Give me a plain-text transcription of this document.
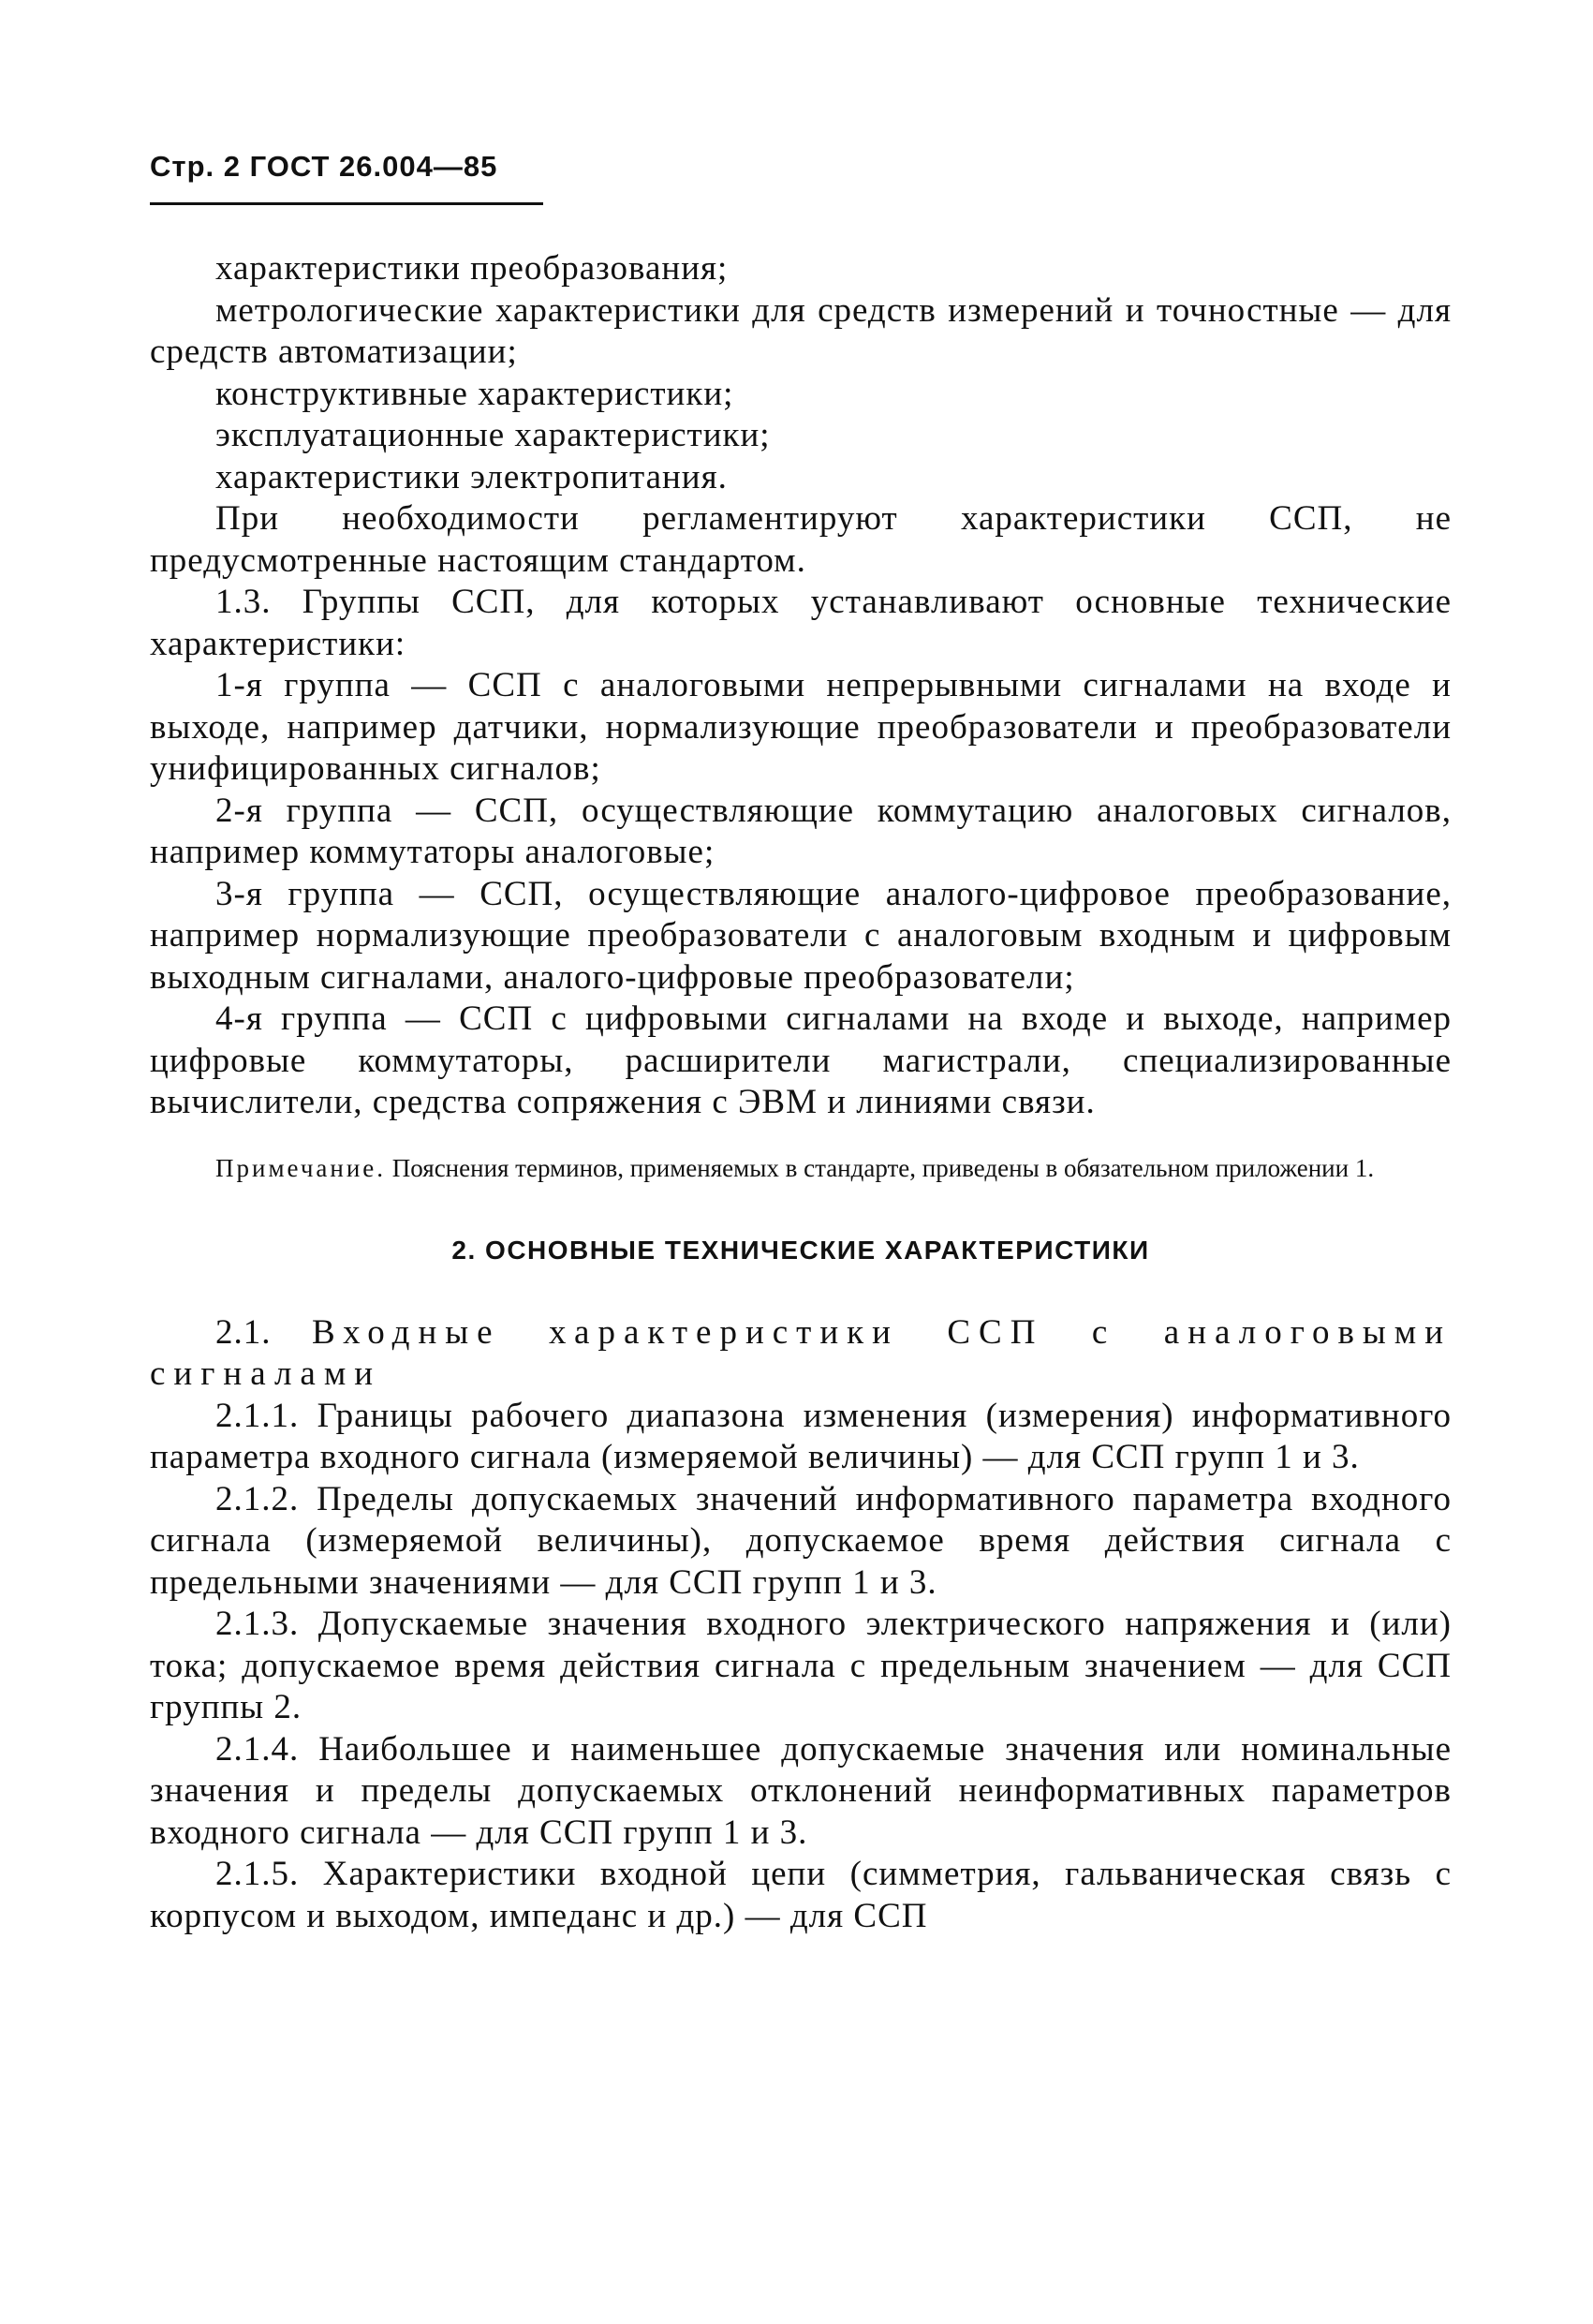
Стр. 2 ГОСТ 26.004—85

характеристики преобразования;

метрологические характеристики для средств измерений и точностные — для средств автоматизации;

конструктивные характеристики;

эксплуатационные характеристики;

характеристики электропитания.

При необходимости регламентируют характеристики ССП, не предусмотренные настоящим стандартом.

1.3. Группы ССП, для которых устанавливают основные технические характеристики:

1-я группа — ССП с аналоговыми непрерывными сигналами на входе и выходе, например датчики, нормализующие преобразователи и преобразователи унифицированных сигналов;

2-я группа — ССП, осуществляющие коммутацию аналоговых сигналов, например коммутаторы аналоговые;

3-я группа — ССП, осуществляющие аналого-цифровое преобразование, например нормализующие преобразователи с аналоговым входным и цифровым выходным сигналами, аналого-цифровые преобразователи;

4-я группа — ССП с цифровыми сигналами на входе и выходе, например цифровые коммутаторы, расширители магистрали, специализированные вычислители, средства сопряжения с ЭВМ и линиями связи.

Примечание. Пояснения терминов, применяемых в стандарте, приведены в обязательном приложении 1.
2. ОСНОВНЫЕ ТЕХНИЧЕСКИЕ ХАРАКТЕРИСТИКИ

2.1. Входные характеристики ССП с аналоговыми сигналами

2.1.1. Границы рабочего диапазона изменения (измерения) информативного параметра входного сигнала (измеряемой величины) — для ССП групп 1 и 3.

2.1.2. Пределы допускаемых значений информативного параметра входного сигнала (измеряемой величины), допускаемое время действия сигнала с предельными значениями — для ССП групп 1 и 3.

2.1.3. Допускаемые значения входного электрического напряжения и (или) тока; допускаемое время действия сигнала с предельным значением — для ССП группы 2.

2.1.4. Наибольшее и наименьшее допускаемые значения или номинальные значения и пределы допускаемых отклонений неинформативных параметров входного сигнала — для ССП групп 1 и 3.

2.1.5. Характеристики входной цепи (симметрия, гальваническая связь с корпусом и выходом, импеданс и др.) — для ССП
